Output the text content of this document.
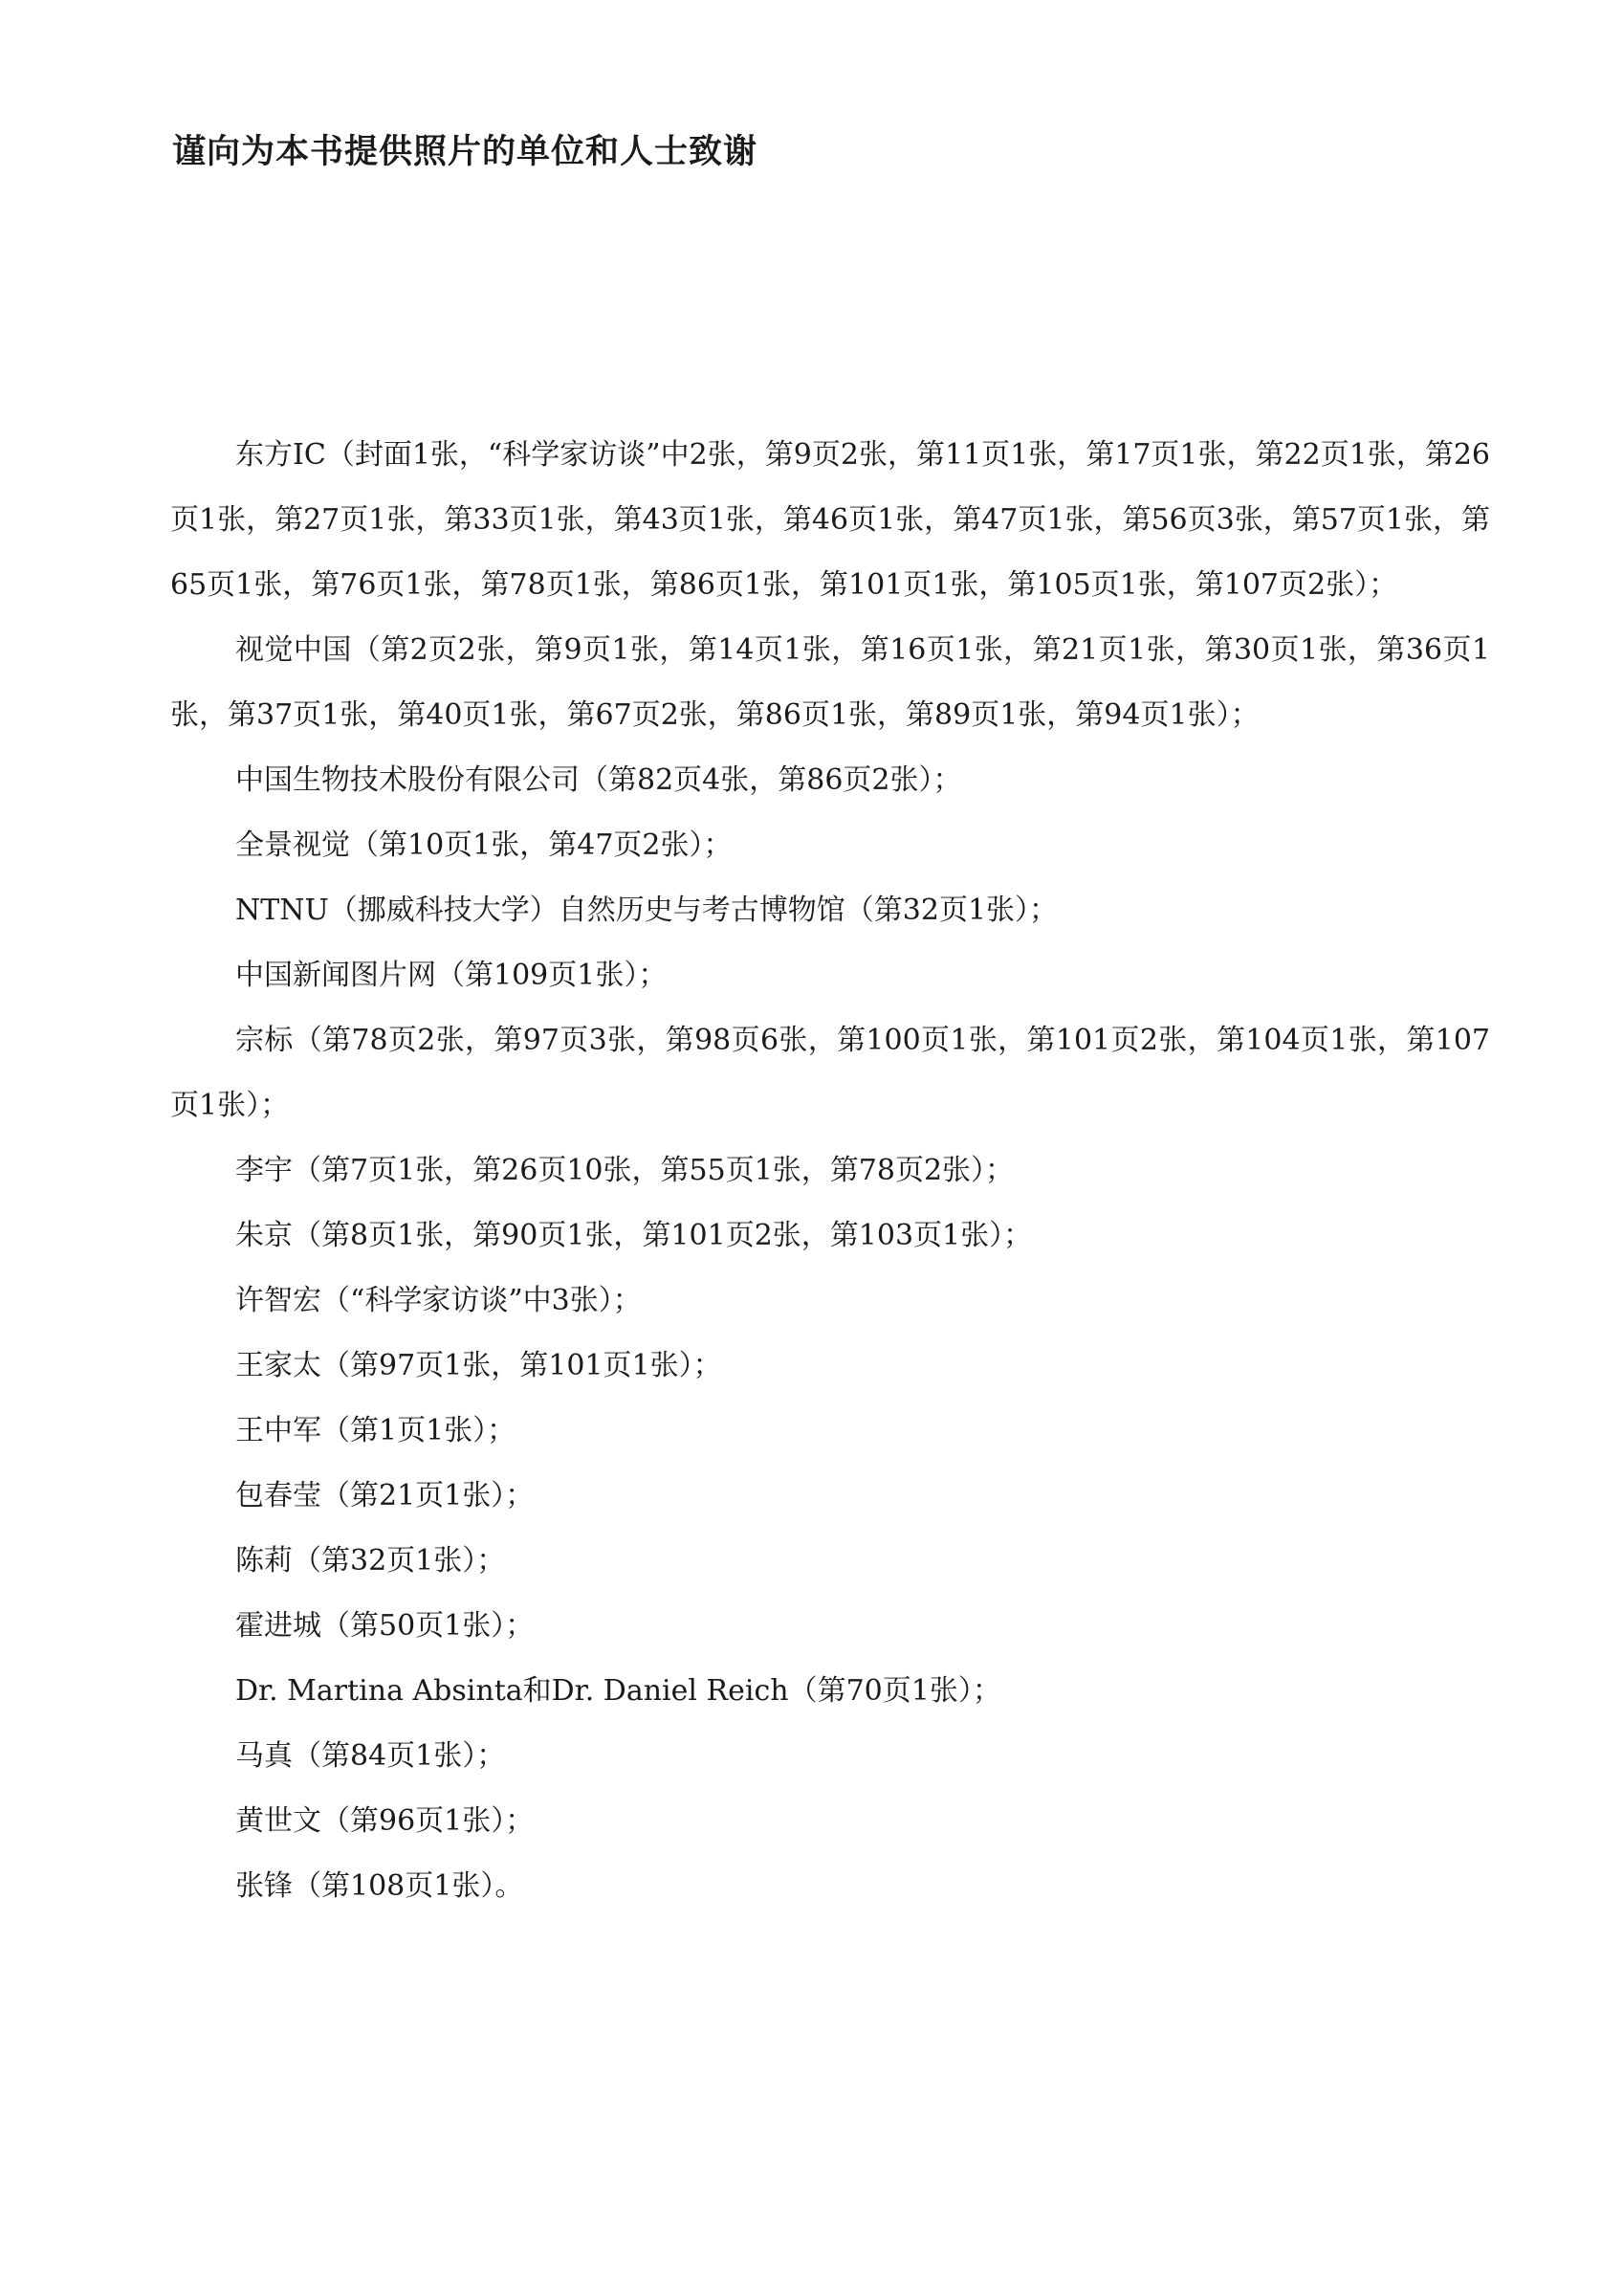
谨向为本书提供照片的单位和人士致谢

东方IC（封面1张，“科学家访谈”中2张，第9页2张，第11页1张，第17页1张，第22页1张，第26页1张，第27页1张，第33页1张，第43页1张，第46页1张，第47页1张，第56页3张，第57页1张，第65页1张，第76页1张，第78页1张，第86页1张，第101页1张，第105页1张，第107页2张）；

视觉中国（第2页2张，第9页1张，第14页1张，第16页1张，第21页1张，第30页1张，第36页1张，第37页1张，第40页1张，第67页2张，第86页1张，第89页1张，第94页1张）；

中国生物技术股份有限公司（第82页4张，第86页2张）；

全景视觉（第10页1张，第47页2张）；

NTNU（挪威科技大学）自然历史与考古博物馆（第32页1张）；

中国新闻图片网（第109页1张）；

宗标（第78页2张，第97页3张，第98页6张，第100页1张，第101页2张，第104页1张，第107页1张）；

李宇（第7页1张，第26页10张，第55页1张，第78页2张）；

朱京（第8页1张，第90页1张，第101页2张，第103页1张）；

许智宏（“科学家访谈”中3张）；

王家太（第97页1张，第101页1张）；

王中军（第1页1张）；

包春莹（第21页1张）；

陈莉（第32页1张）；

霍进城（第50页1张）；

Dr. Martina Absinta和Dr. Daniel Reich（第70页1张）；

马真（第84页1张）；

黄世文（第96页1张）；

张锋（第108页1张）。
